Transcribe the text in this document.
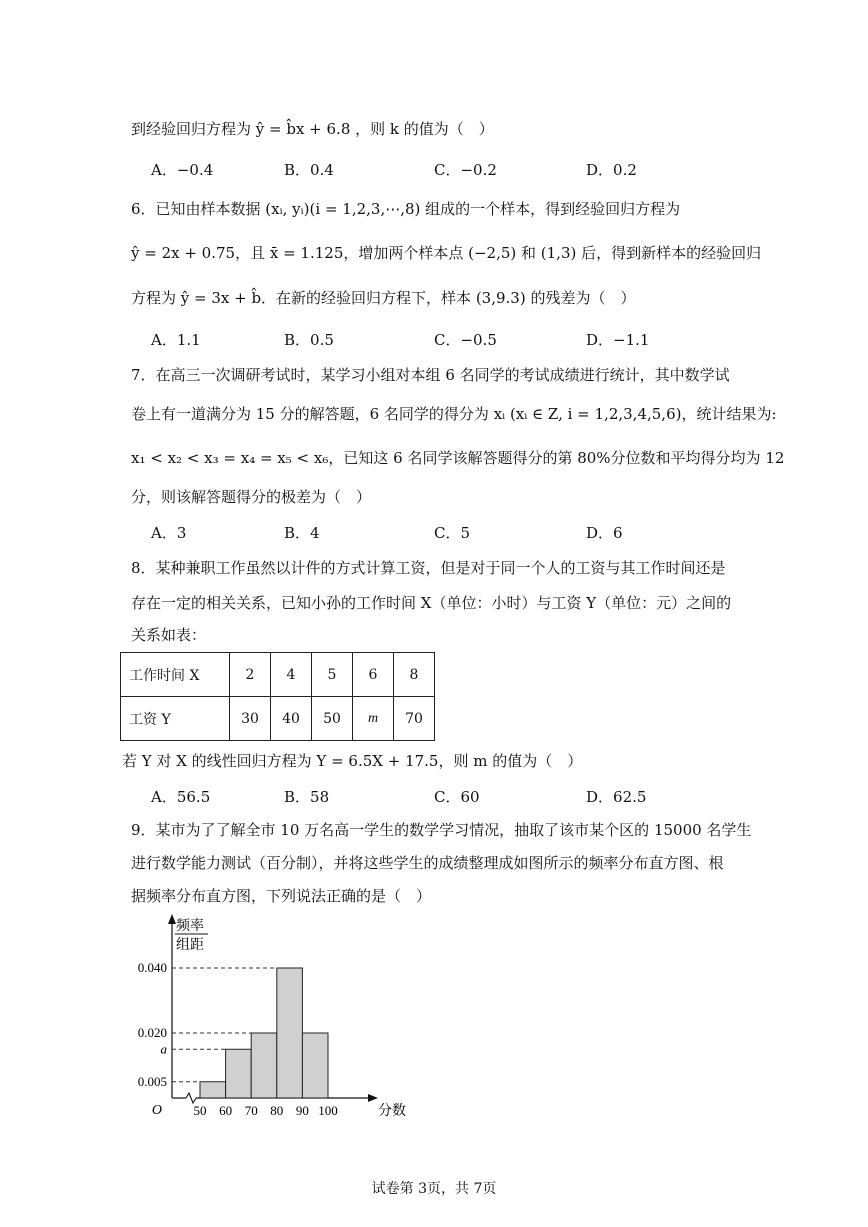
到经验回归方程为 ŷ = b̂x + 6.8 ，则 k 的值为（　）
A．−0.4	B．0.4	C．−0.2	D．0.2
6．已知由样本数据 (xᵢ, yᵢ)(i = 1,2,3,⋯,8) 组成的一个样本，得到经验回归方程为
ŷ = 2x + 0.75，且 x̄ = 1.125，增加两个样本点 (−2,5) 和 (1,3) 后，得到新样本的经验回归
方程为 ŷ = 3x + b̂．在新的经验回归方程下，样本 (3,9.3) 的残差为（　）
A．1.1	B．0.5	C．−0.5	D．−1.1
7．在高三一次调研考试时，某学习小组对本组 6 名同学的考试成绩进行统计，其中数学试
卷上有一道满分为 15 分的解答题，6 名同学的得分为 xᵢ (xᵢ ∈ Z, i = 1,2,3,4,5,6)，统计结果为:
x₁ < x₂ < x₃ = x₄ = x₅ < x₆，已知这 6 名同学该解答题得分的第 80%分位数和平均得分均为 12
分，则该解答题得分的极差为（　）
A．3	B．4	C．5	D．6
8．某种兼职工作虽然以计件的方式计算工资，但是对于同一个人的工资与其工作时间还是
存在一定的相关关系，已知小孙的工作时间 X（单位：小时）与工资 Y（单位：元）之间的
关系如表：
工作时间 X	2	4	5	6	8
工资 Y	30	40	50	m	70
若 Y 对 X 的线性回归方程为 Y = 6.5X + 17.5，则 m 的值为（　）
A．56.5	B．58	C．60	D．62.5
9．某市为了了解全市 10 万名高一学生的数学学习情况，抽取了该市某个区的 15000 名学生
进行数学能力测试（百分制），并将这些学生的成绩整理成如图所示的频率分布直方图、根
据频率分布直方图，下列说法正确的是（　）
0.040
0.020
a
0.005
50 60 70 80 90 100
O	分数
频率
组距
试卷第 3页，共 7页
